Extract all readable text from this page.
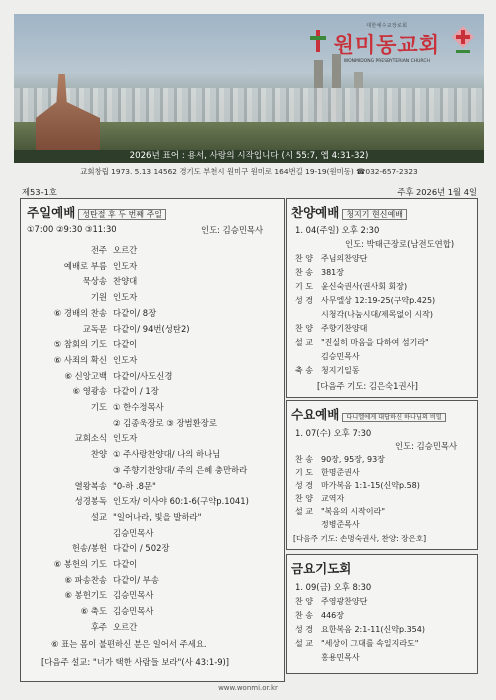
대한예수교장로회
원미동교회
WONMIDONG PRESBYTERIAN CHURCH
2026년 표어 : 용서, 사랑의 시작입니다 (시 55:7, 엡 4:31-32)
교회창립 1973. 5.13 14562 경기도 부천시 원미구 원미로 164번길 19-19(원미동) ☎032-657-2323
제53-1호	주후 2026년 1월 4일
주일예배 성탄절 후 두 번째 주일
①7:00 ②9:30 ③11:30	인도: 김승민목사
전주 오르간
예배로 부름 인도자
묵상송 찬양대
기원 인도자
⑥ 경배의 찬송 다같이/ 8장
교독문 다같이/ 94번(성탄2)
⑤ 참회의 기도 다같이
⑥ 사죄의 확신 인도자
⑥ 신앙고백 다같이/사도신경
⑥ 영광송 다같이 / 1장
기도 ① 한수정목사
② 김종욱장로 ③ 장범환장로
교회소식 인도자
찬양 ① 주사랑찬양대/ 나의 하나님
③ 주향기찬양대/ 주의 은혜 충만하라
열왕복송 "0-하 .8문"
성경봉독 인도자/ 이사야 60:1-6(구약p.1041)
설교 "일어나라, 빛을 발하라"
김승민목사
헌송/봉헌 다같이 / 502장
⑥ 봉헌의 기도 다같이
⑥ 파송찬송 다같이/ 부송
⑥ 봉헌기도 김승민목사
⑥ 축도 김승민목사
후주 오르간
⑥ 표는 몸이 불편하신 분은 일어서 주세요.
[다음주 설교: "너가 택한 사람들 보라"(사 43:1-9)]
찬양예배 청지기 현신예배
1. 04(주일) 오후 2:30
인도: 박태근장로(남전도연합)
찬 양 주님의찬양단
찬 송 381장
기 도 윤신숙권사(권사회 회장)
성 경 사무엘상 12:19-25(구약p.425)
시청각(나눔시대/제목없이 시작)
찬 양 주향기찬양대
설 교 "진실히 마음을 다하여 섬기라"
김승민목사
축 송 청지기일동
[다음주 기도: 김은숙1권사]
수요예배 다니엘에게 대답하신 하나님의 비밀
1. 07(수) 오후 7:30
인도: 김승민목사
찬 송 90장, 95장, 93장
기 도 한명준권사
성 경 마가복음 1:1-15(신약p.58)
찬 양 교역자
설 교 "복음의 시작이라"
정병준목사
[다음주 기도: 손명숙권사, 찬양: 장은호]
금요기도회
1. 09(금) 오후 8:30
찬 양 주영광찬양단
찬 송 446장
성 경 요한복음 2:1-11(신약p.354)
설 교 "세상이 그대를 속일지라도"
홍용민목사
www.wonmi.or.kr
